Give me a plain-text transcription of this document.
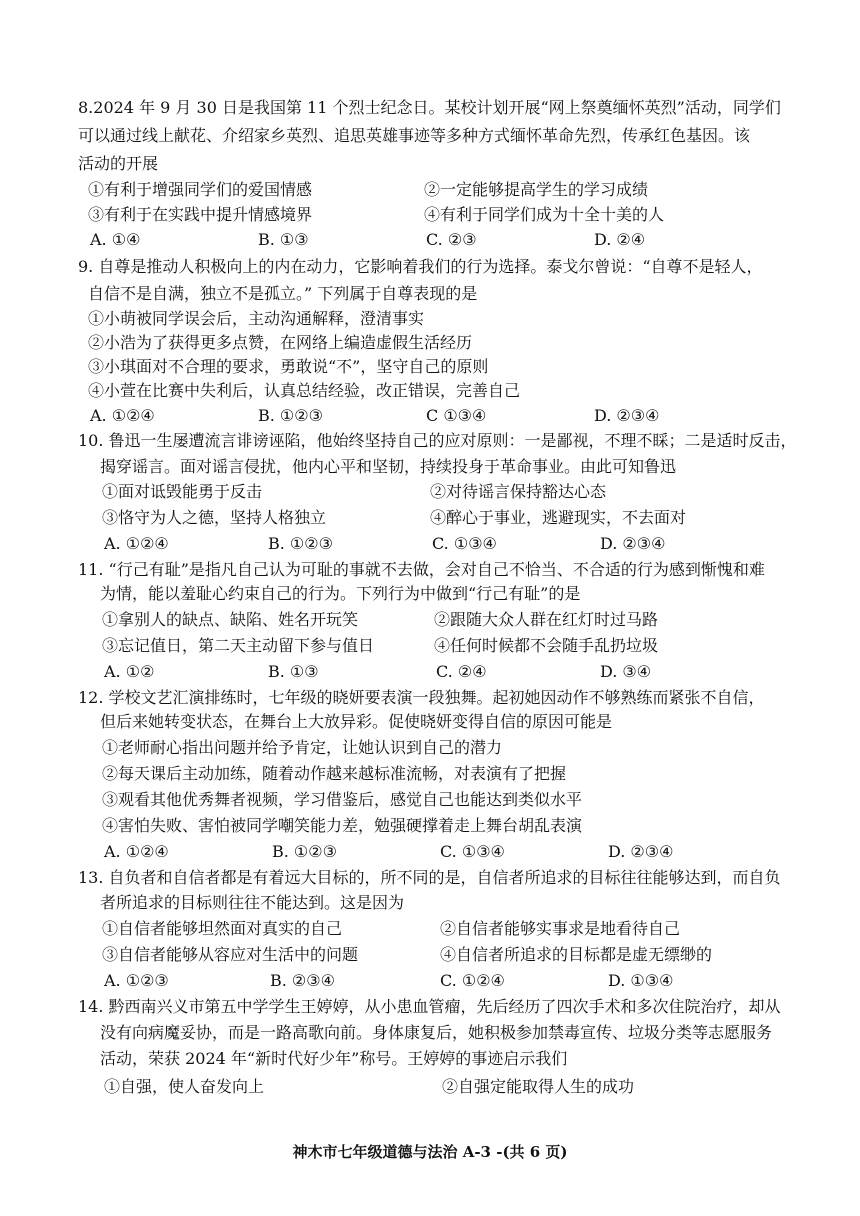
8.2024 年 9 月 30 日是我国第 11 个烈士纪念日。某校计划开展“网上祭奠缅怀英烈”活动，同学们
可以通过线上献花、介绍家乡英烈、追思英雄事迹等多种方式缅怀革命先烈，传承红色基因。该
活动的开展
①有利于增强同学们的爱国情感	②一定能够提高学生的学习成绩
③有利于在实践中提升情感境界	④有利于同学们成为十全十美的人
A. ①④	B. ①③	C. ②③	D. ②④
9. 自尊是推动人积极向上的内在动力，它影响着我们的行为选择。泰戈尔曾说：“自尊不是轻人，
自信不是自满，独立不是孤立。” 下列属于自尊表现的是
①小萌被同学误会后，主动沟通解释，澄清事实
②小浩为了获得更多点赞，在网络上编造虚假生活经历
③小琪面对不合理的要求，勇敢说“不”，坚守自己的原则
④小萱在比赛中失利后，认真总结经验，改正错误，完善自己
A. ①②④	B. ①②③	C ①③④	D. ②③④
10. 鲁迅一生屡遭流言诽谤诬陷，他始终坚持自己的应对原则：一是鄙视，不理不睬；二是适时反击，
揭穿谣言。面对谣言侵扰，他内心平和坚韧，持续投身于革命事业。由此可知鲁迅
①面对诋毁能勇于反击	②对待谣言保持豁达心态
③恪守为人之德，坚持人格独立	④醉心于事业，逃避现实，不去面对
A. ①②④	B. ①②③	C. ①③④	D. ②③④
11. “行己有耻”是指凡自己认为可耻的事就不去做，会对自己不恰当、不合适的行为感到惭愧和难
为情，能以羞耻心约束自己的行为。下列行为中做到“行己有耻”的是
①拿别人的缺点、缺陷、姓名开玩笑	②跟随大众人群在红灯时过马路
③忘记值日，第二天主动留下参与值日	④任何时候都不会随手乱扔垃圾
A. ①②	B. ①③	C. ②④	D. ③④
12. 学校文艺汇演排练时，七年级的晓妍要表演一段独舞。起初她因动作不够熟练而紧张不自信，
但后来她转变状态，在舞台上大放异彩。促使晓妍变得自信的原因可能是
①老师耐心指出问题并给予肯定，让她认识到自己的潜力
②每天课后主动加练，随着动作越来越标准流畅，对表演有了把握
③观看其他优秀舞者视频，学习借鉴后，感觉自己也能达到类似水平
④害怕失败、害怕被同学嘲笑能力差，勉强硬撑着走上舞台胡乱表演
A. ①②④	B. ①②③	C. ①③④	D. ②③④
13. 自负者和自信者都是有着远大目标的，所不同的是，自信者所追求的目标往往能够达到，而自负
者所追求的目标则往往不能达到。这是因为
①自信者能够坦然面对真实的自己	②自信者能够实事求是地看待自己
③自信者能够从容应对生活中的问题	④自信者所追求的目标都是虚无缥缈的
A. ①②③	B. ②③④	C. ①②④	D. ①③④
14. 黔西南兴义市第五中学学生王婷婷，从小患血管瘤，先后经历了四次手术和多次住院治疗，却从
没有向病魔妥协，而是一路高歌向前。身体康复后，她积极参加禁毒宣传、垃圾分类等志愿服务
活动，荣获 2024 年“新时代好少年”称号。王婷婷的事迹启示我们
①自强，使人奋发向上	②自强定能取得人生的成功
神木市七年级道德与法治 A-3 -(共 6 页)
